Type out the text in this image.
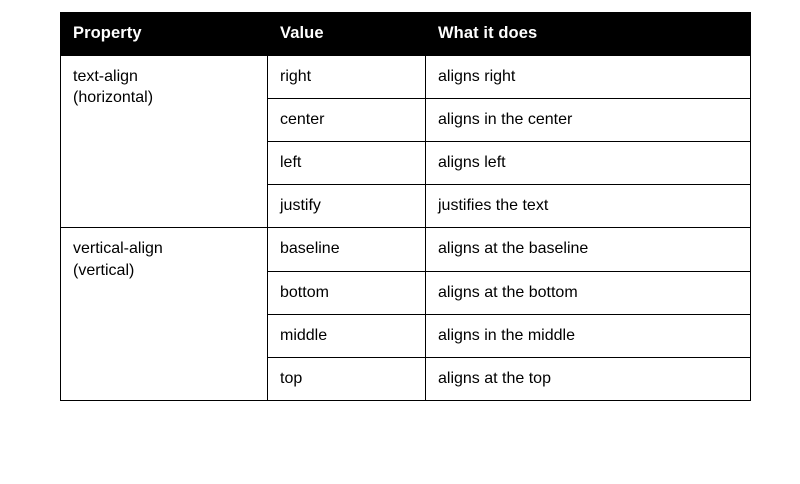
Property	Value	What it does

text-align
(horizontal)	right	aligns right
	center	aligns in the center
	left	aligns left
	justify	justifies the text

vertical-align
(vertical)	baseline	aligns at the baseline
	bottom	aligns at the bottom
	middle	aligns in the middle
	top	aligns at the top
